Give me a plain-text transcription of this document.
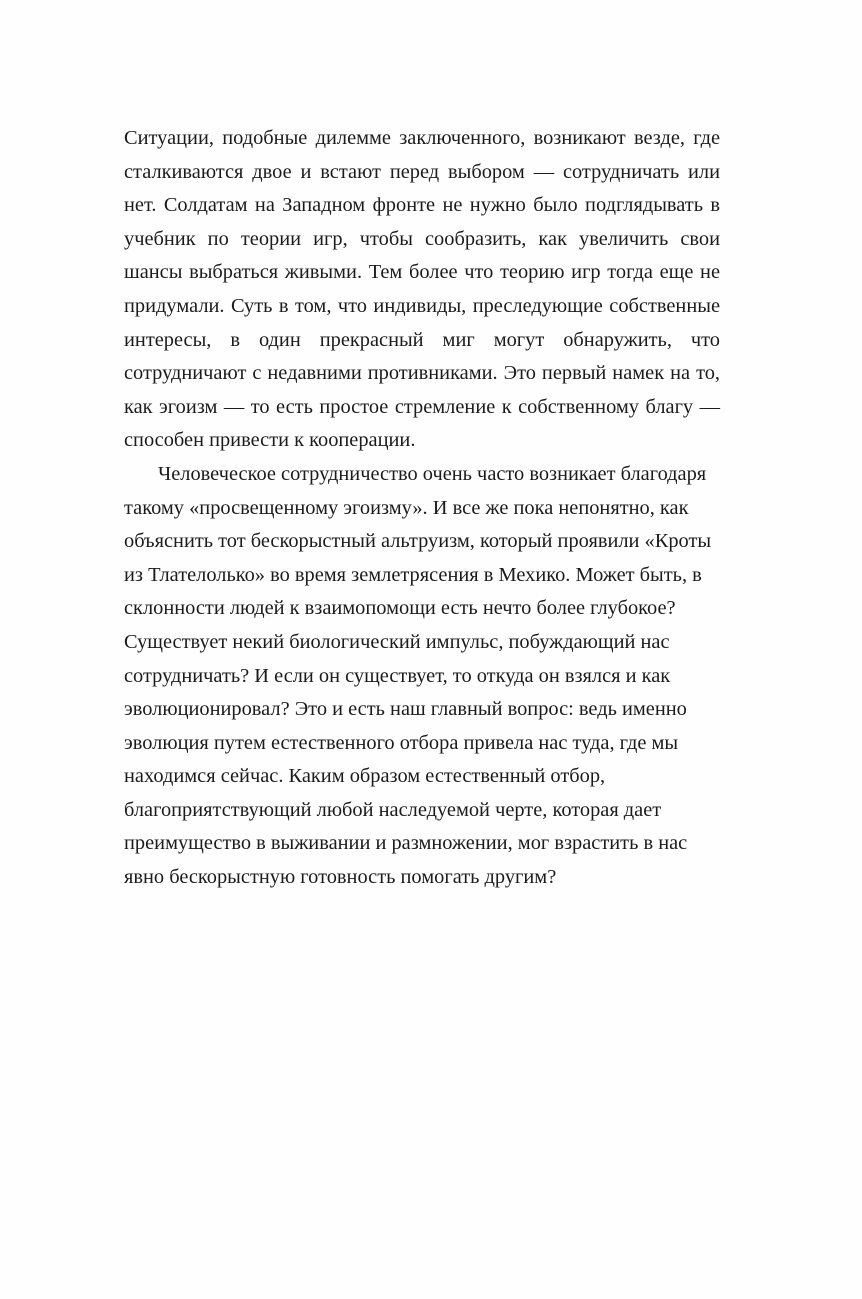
Ситуации, подобные дилемме заключенного, возникают везде, где сталкиваются двое и встают перед выбором — сотрудничать или нет. Солдатам на Западном фронте не нужно было подглядывать в учебник по теории игр, чтобы сообразить, как увеличить свои шансы выбраться живыми. Тем более что теорию игр тогда еще не придумали. Суть в том, что индивиды, преследующие собственные интересы, в один прекрасный миг могут обнаружить, что сотрудничают с недавними противниками. Это первый намек на то, как эгоизм — то есть простое стремление к собственному благу — способен привести к кооперации.

Человеческое сотрудничество очень часто возникает благодаря такому «просвещенному эгоизму». И все же пока непонятно, как объяснить тот бескорыстный альтруизм, который проявили «Кроты из Тлателолько» во время землетрясения в Мехико. Может быть, в склонности людей к взаимопомощи есть нечто более глубокое? Существует некий биологический импульс, побуждающий нас сотрудничать? И если он существует, то откуда он взялся и как эволюционировал? Это и есть наш главный вопрос: ведь именно эволюция путем естественного отбора привела нас туда, где мы находимся сейчас. Каким образом естественный отбор, благоприятствующий любой наследуемой черте, которая дает преимущество в выживании и размножении, мог взрастить в нас явно бескорыстную готовность помогать другим?
